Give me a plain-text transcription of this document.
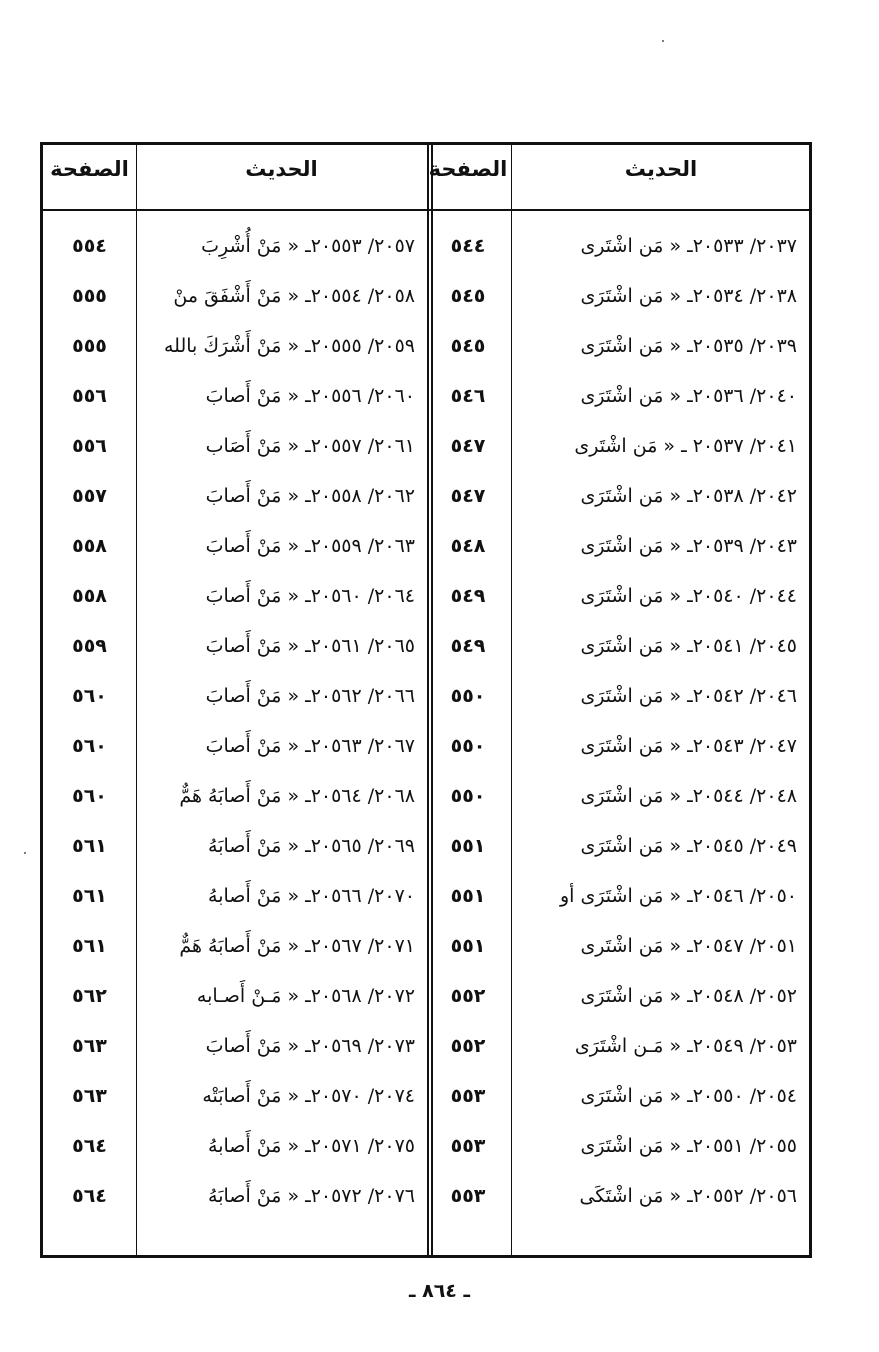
الحديث
الصفحة
٢٠٣٧/ ٢٠٥٣٣ـ « مَن اشْتَرى
٥٤٤
٢٠٣٨/ ٢٠٥٣٤ـ « مَن اشْتَرَى
٥٤٥
٢٠٣٩/ ٢٠٥٣٥ـ « مَن اشْتَرَى
٥٤٥
٢٠٤٠/ ٢٠٥٣٦ـ « مَن اشْتَرَى
٥٤٦
٢٠٤١/ ٢٠٥٣٧ ـ « مَن اشْتَرى
٥٤٧
٢٠٤٢/ ٢٠٥٣٨ـ « مَن اشْتَرَى
٥٤٧
٢٠٤٣/ ٢٠٥٣٩ـ « مَن اشْتَرَى
٥٤٨
٢٠٤٤/ ٢٠٥٤٠ـ « مَن اشْتَرَى
٥٤٩
٢٠٤٥/ ٢٠٥٤١ـ « مَن اشْتَرَى
٥٤٩
٢٠٤٦/ ٢٠٥٤٢ـ « مَن اشْتَرَى
٥٥٠
٢٠٤٧/ ٢٠٥٤٣ـ « مَن اشْتَرَى
٥٥٠
٢٠٤٨/ ٢٠٥٤٤ـ « مَن اشْتَرَى
٥٥٠
٢٠٤٩/ ٢٠٥٤٥ـ « مَن اشْتَرَى
٥٥١
٢٠٥٠/ ٢٠٥٤٦ـ « مَن اشْتَرَى أو
٥٥١
٢٠٥١/ ٢٠٥٤٧ـ « مَن اشْتَرى
٥٥١
٢٠٥٢/ ٢٠٥٤٨ـ « مَن اشْتَرَى
٥٥٢
٢٠٥٣/ ٢٠٥٤٩ـ « مَـن اشْتَرَى
٥٥٢
٢٠٥٤/ ٢٠٥٥٠ـ « مَن اشْتَرَى
٥٥٣
٢٠٥٥/ ٢٠٥٥١ـ « مَن اشْتَرَى
٥٥٣
٢٠٥٦/ ٢٠٥٥٢ـ « مَن اشْتَكَى
٥٥٣
الحديث
الصفحة
٢٠٥٧/ ٢٠٥٥٣ـ « مَنْ أُشْرِبَ
٥٥٤
٢٠٥٨/ ٢٠٥٥٤ـ « مَنْ أَشْفَقَ منْ
٥٥٥
٢٠٥٩/ ٢٠٥٥٥ـ « مَنْ أَشْرَكَ بالله
٥٥٥
٢٠٦٠/ ٢٠٥٥٦ـ « مَنْ أَصابَ
٥٥٦
٢٠٦١/ ٢٠٥٥٧ـ « مَنْ أَصَاب
٥٥٦
٢٠٦٢/ ٢٠٥٥٨ـ « مَنْ أَصابَ
٥٥٧
٢٠٦٣/ ٢٠٥٥٩ـ « مَنْ أَصابَ
٥٥٨
٢٠٦٤/ ٢٠٥٦٠ـ « مَنْ أَصابَ
٥٥٨
٢٠٦٥/ ٢٠٥٦١ـ « مَنْ أَصابَ
٥٥٩
٢٠٦٦/ ٢٠٥٦٢ـ « مَنْ أَصابَ
٥٦٠
٢٠٦٧/ ٢٠٥٦٣ـ « مَنْ أَصابَ
٥٦٠
٢٠٦٨/ ٢٠٥٦٤ـ « مَنْ أَصابَهُ هَمٌّ
٥٦٠
٢٠٦٩/ ٢٠٥٦٥ـ « مَنْ أَصابَهُ
٥٦١
٢٠٧٠/ ٢٠٥٦٦ـ « مَنْ أَصابهُ
٥٦١
٢٠٧١/ ٢٠٥٦٧ـ « مَنْ أَصابَهُ هَمٌّ
٥٦١
٢٠٧٢/ ٢٠٥٦٨ـ « مَـنْ أَصـابه
٥٦٢
٢٠٧٣/ ٢٠٥٦٩ـ « مَنْ أَصابَ
٥٦٣
٢٠٧٤/ ٢٠٥٧٠ـ « مَنْ أَصابَتْه
٥٦٣
٢٠٧٥/ ٢٠٥٧١ـ « مَنْ أَصابهُ
٥٦٤
٢٠٧٦/ ٢٠٥٧٢ـ « مَنْ أَصابَهُ
٥٦٤
ـ ٨٦٤ ـ
